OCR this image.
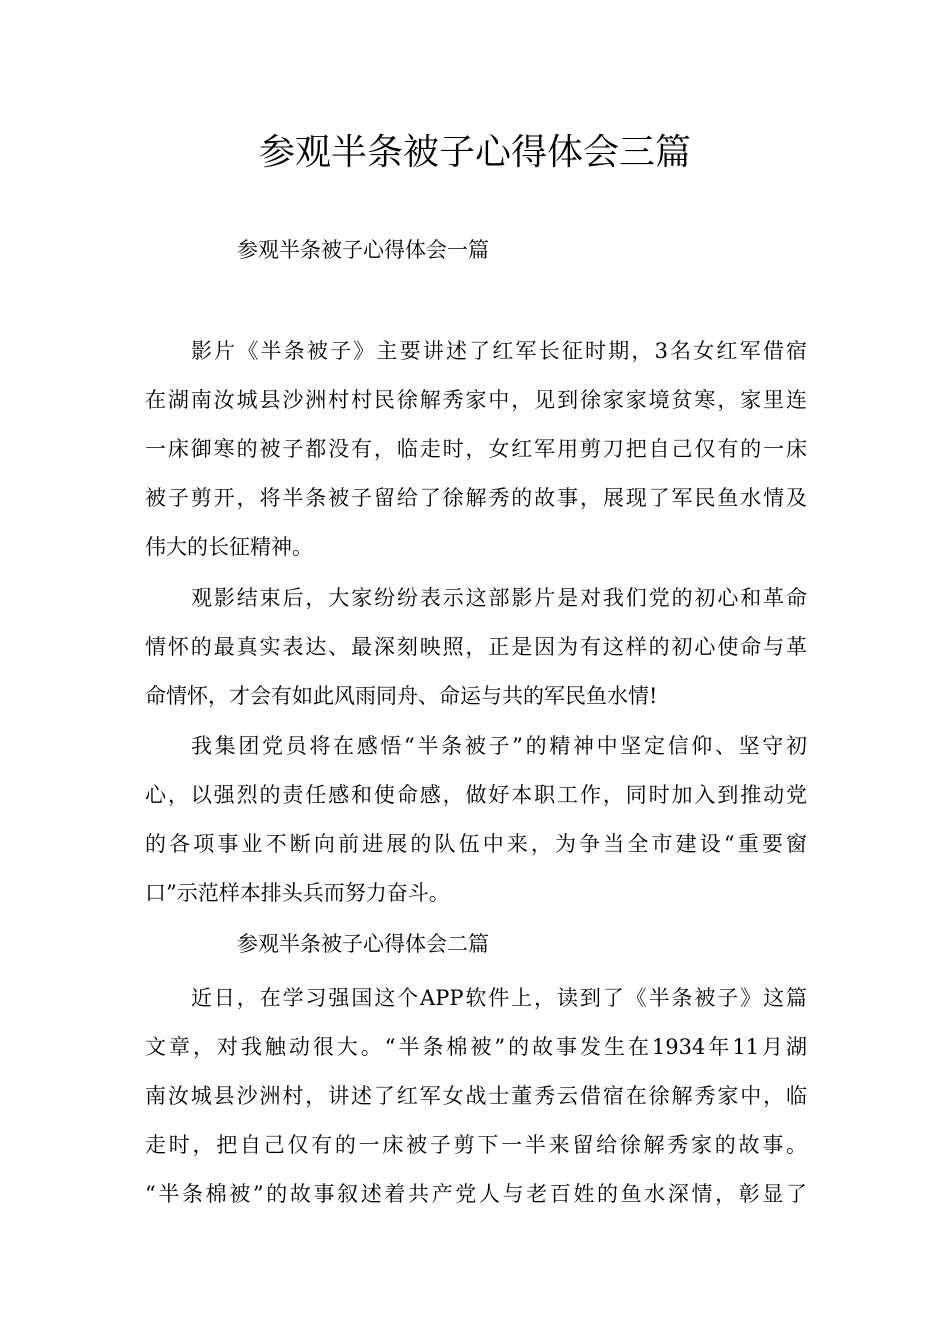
参观半条被子心得体会三篇

参观半条被子心得体会一篇

影片《半条被子》主要讲述了红军长征时期，3名女红军借宿
在湖南汝城县沙洲村村民徐解秀家中，见到徐家家境贫寒，家里连
一床御寒的被子都没有，临走时，女红军用剪刀把自己仅有的一床
被子剪开，将半条被子留给了徐解秀的故事，展现了军民鱼水情及
伟大的长征精神。

观影结束后，大家纷纷表示这部影片是对我们党的初心和革命
情怀的最真实表达、最深刻映照，正是因为有这样的初心使命与革
命情怀，才会有如此风雨同舟、命运与共的军民鱼水情!

我集团党员将在感悟“半条被子”的精神中坚定信仰、坚守初
心，以强烈的责任感和使命感，做好本职工作，同时加入到推动党
的各项事业不断向前进展的队伍中来，为争当全市建设“重要窗
口”示范样本排头兵而努力奋斗。

参观半条被子心得体会二篇

近日，在学习强国这个APP软件上，读到了《半条被子》这篇
文章，对我触动很大。“半条棉被”的故事发生在1934年11月湖
南汝城县沙洲村，讲述了红军女战士董秀云借宿在徐解秀家中，临
走时，把自己仅有的一床被子剪下一半来留给徐解秀家的故事。
“半条棉被”的故事叙述着共产党人与老百姓的鱼水深情，彰显了
